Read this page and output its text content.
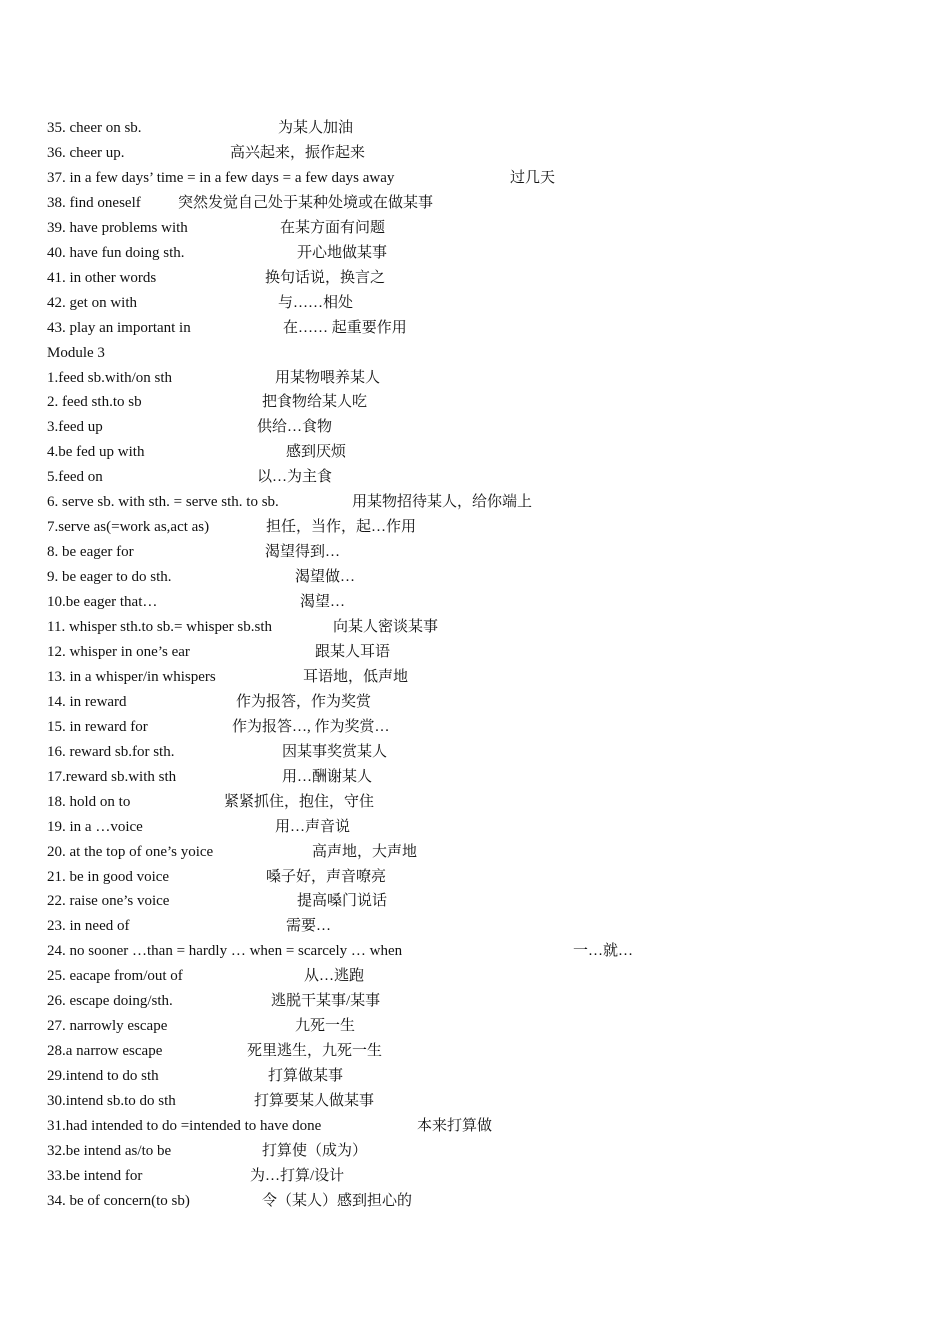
35. cheer on sb.	为某人加油
36. cheer up.	高兴起来，振作起来
37. in a few days’ time = in a few days = a few days away	过几天
38. find oneself 突然发觉自己处于某种处境或在做某事
39. have problems with	在某方面有问题
40. have fun doing sth.	开心地做某事
41. in other words	换句话说，换言之
42. get on with	与……相处
43. play an important in	在…… 起重要作用
Module 3
1.feed sb.with/on sth	用某物喂养某人
2. feed sth.to sb	把食物给某人吃
3.feed up	供给…食物
4.be fed up with	感到厌烦
5.feed on	以…为主食
6. serve sb. with sth. = serve sth. to sb.	用某物招待某人，给你端上
7.serve as(=work as,act as)	担任，当作，起…作用
8. be eager for	渴望得到…
9. be eager to do sth.	渴望做…
10.be eager that…	渴望…
11. whisper sth.to sb.= whisper sb.sth	向某人密谈某事
12. whisper in one’s ear	跟某人耳语
13. in a whisper/in whispers	耳语地，低声地
14. in reward	作为报答，作为奖赏
15. in reward for	作为报答…, 作为奖赏…
16. reward sb.for sth.	因某事奖赏某人
17.reward sb.with sth	用…酬谢某人
18. hold on to	紧紧抓住，抱住，守住
19. in a …voice	用…声音说
20. at the top of one’s yoice	高声地，大声地
21. be in good voice	嗓子好，声音嘹亮
22. raise one’s voice	提高嗓门说话
23. in need of	需要…
24. no sooner …than = hardly … when = scarcely … when	一…就…
25. eacape from/out of	从…逃跑
26. escape doing/sth.	逃脱干某事/某事
27. narrowly escape	九死一生
28.a narrow escape	死里逃生，九死一生
29.intend to do sth	打算做某事
30.intend sb.to do sth	打算要某人做某事
31.had intended to do =intended to have done	本来打算做
32.be intend as/to be	打算使（成为）
33.be intend for	为…打算/设计
34. be of concern(to sb)	令（某人）感到担心的
